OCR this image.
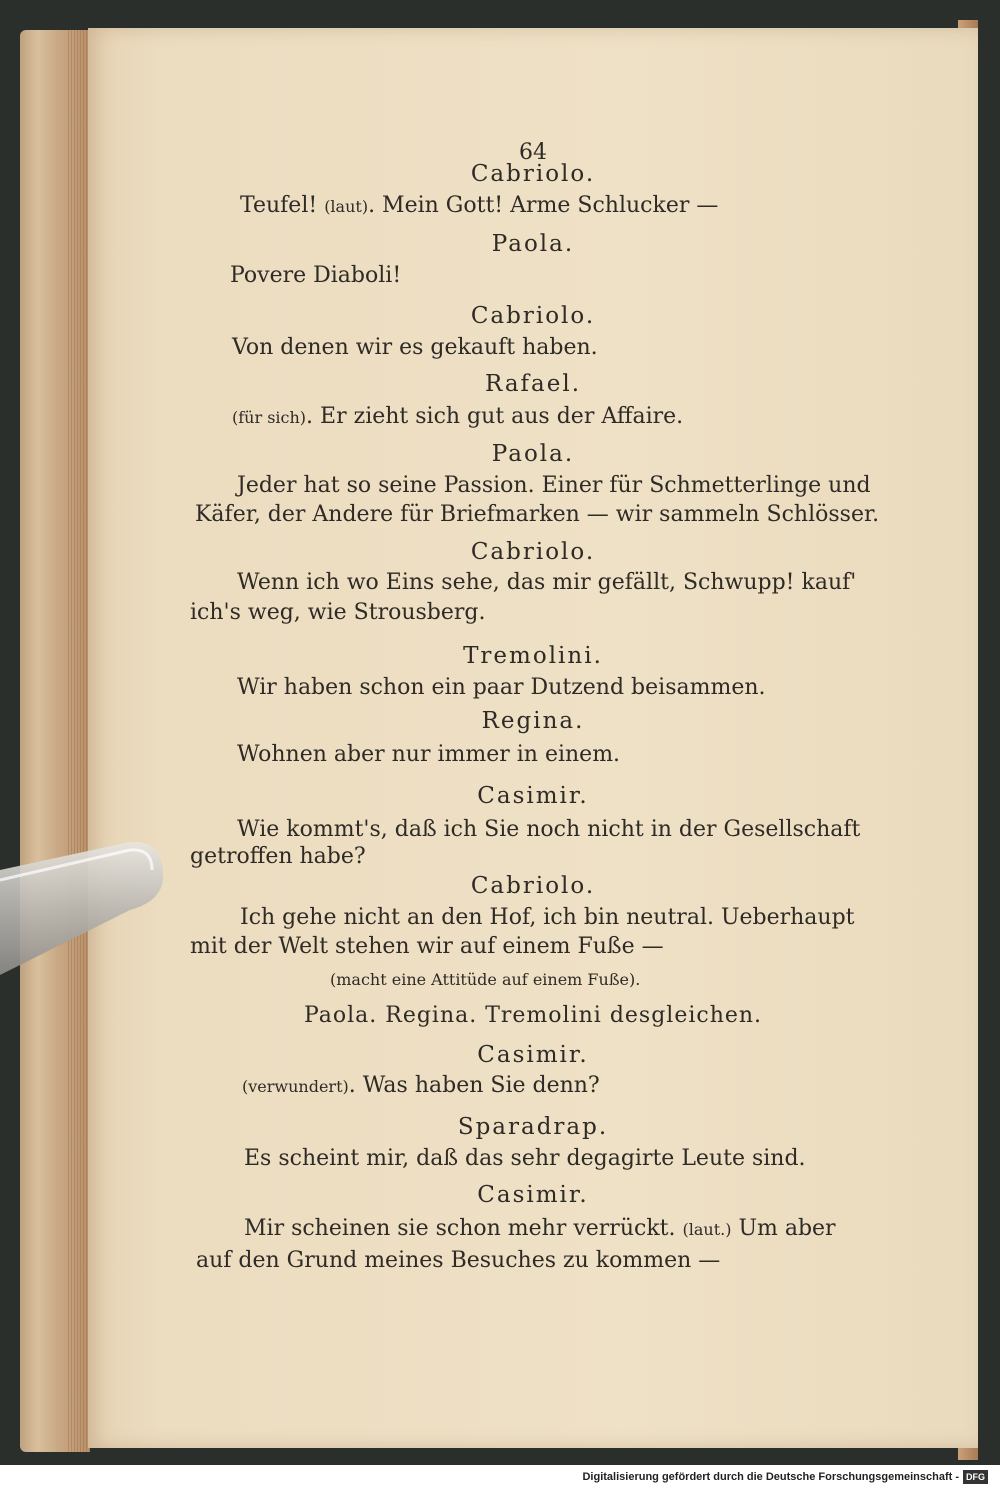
64
Cabriolo.
Teufel! (laut). Mein Gott! Arme Schlucker —
Paola.
Povere Diaboli!
Cabriolo.
Von denen wir es gekauft haben.
Rafael.
(für sich). Er zieht sich gut aus der Affaire.
Paola.
Jeder hat so seine Passion. Einer für Schmetterlinge und
Käfer, der Andere für Briefmarken — wir sammeln Schlösser.
Cabriolo.
Wenn ich wo Eins sehe, das mir gefällt, Schwupp! kauf'
ich's weg, wie Strousberg.
Tremolini.
Wir haben schon ein paar Dutzend beisammen.
Regina.
Wohnen aber nur immer in einem.
Casimir.
Wie kommt's, daß ich Sie noch nicht in der Gesellschaft
getroffen habe?
Cabriolo.
Ich gehe nicht an den Hof, ich bin neutral. Ueberhaupt
mit der Welt stehen wir auf einem Fuße —
(macht eine Attitüde auf einem Fuße).
Paola. Regina. Tremolini desgleichen.
Casimir.
(verwundert). Was haben Sie denn?
Sparadrap.
Es scheint mir, daß das sehr degagirte Leute sind.
Casimir.
Mir scheinen sie schon mehr verrückt. (laut.) Um aber
auf den Grund meines Besuches zu kommen —
Digitalisierung gefördert durch die Deutsche Forschungsgemeinschaft - DFG
